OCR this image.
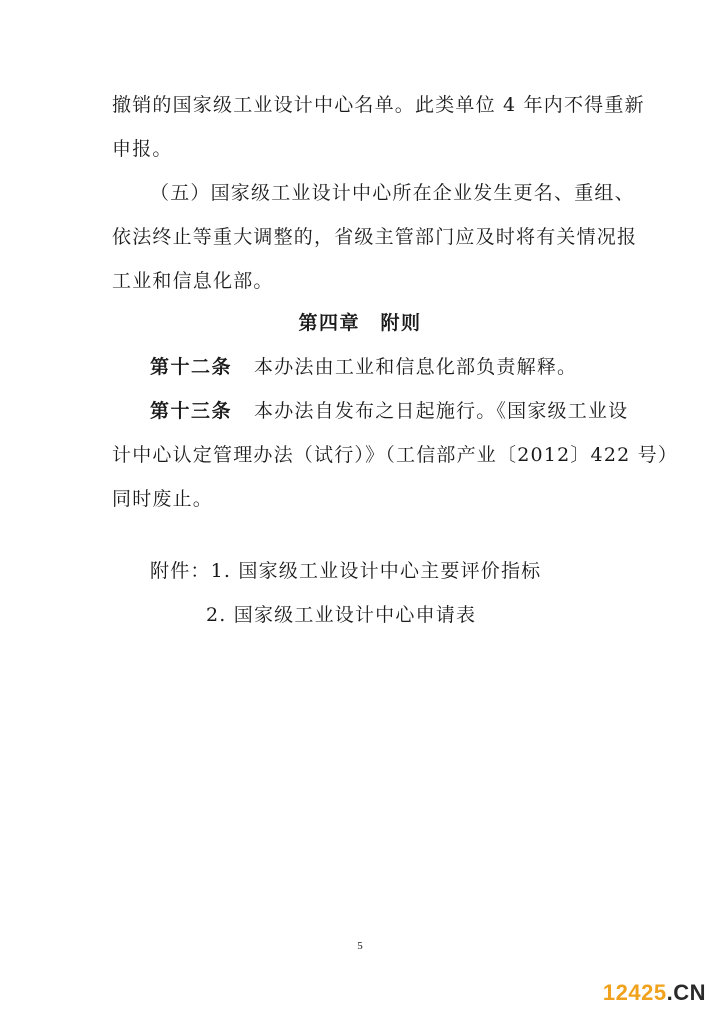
撤销的国家级工业设计中心名单。此类单位 4 年内不得重新
申报。
（五）国家级工业设计中心所在企业发生更名、重组、
依法终止等重大调整的，省级主管部门应及时将有关情况报
工业和信息化部。
第四章　附则
第十二条 本办法由工业和信息化部负责解释。
第十三条 本办法自发布之日起施行。《国家级工业设
计中心认定管理办法（试行）》（工信部产业〔2012〕422 号）
同时废止。
附件：1. 国家级工业设计中心主要评价指标
2. 国家级工业设计中心申请表
5
12425.CN
